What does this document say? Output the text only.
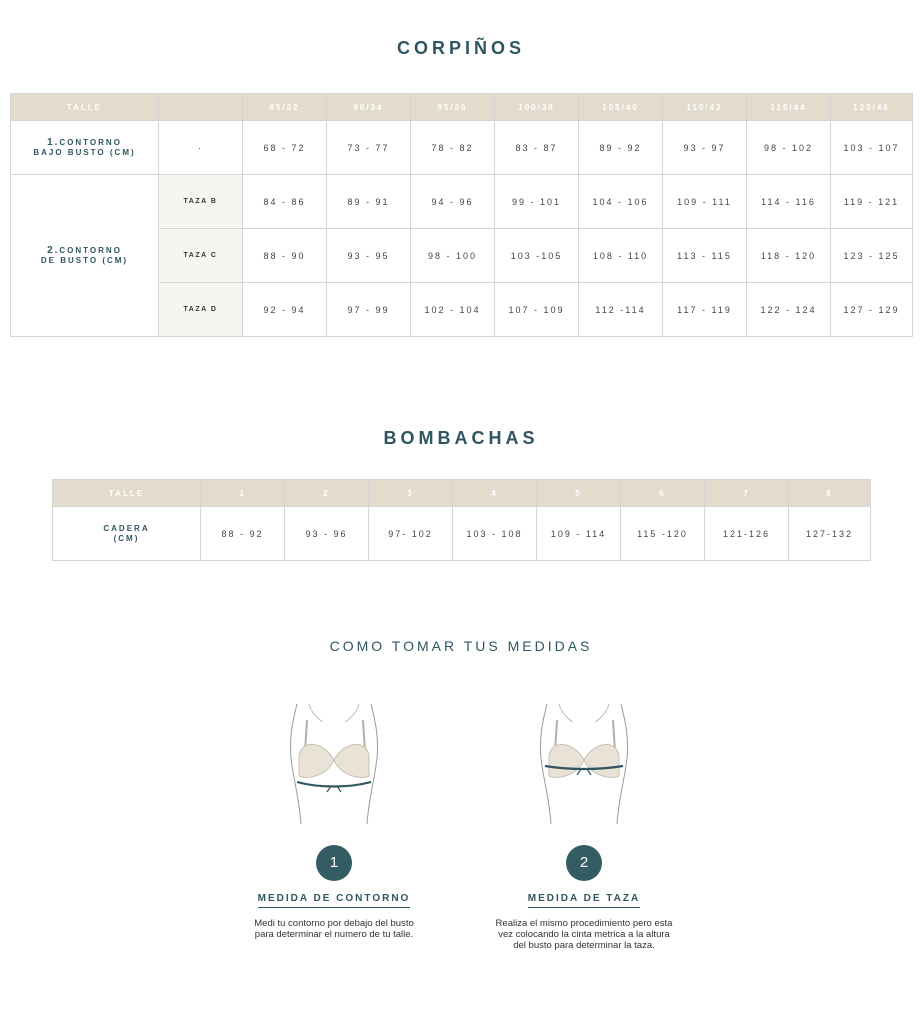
CORPIÑOS
TALLE		85/32	90/34	95/36	100/38	105/40	110/42	115/44	120/46
1.CONTORNO
BAJO BUSTO (CM)	·	68 - 72	73 - 77	78 - 82	83 - 87	89 - 92	93 - 97	98 - 102	103 - 107
2.CONTORNO
DE BUSTO (CM)	TAZA B	84 - 86	89 - 91	94 - 96	99 - 101	104 - 106	109 - 111	114 - 116	119 - 121
	TAZA C	88 - 90	93 - 95	98 - 100	103 -105	108 - 110	113 - 115	118 - 120	123 - 125
	TAZA D	92 - 94	97 - 99	102 - 104	107 - 109	112 -114	117 - 119	122 - 124	127 - 129
BOMBACHAS
TALLE	1	2	3	4	5	6	7	8
CADERA
(CM)	88 - 92	93 - 96	97- 102	103 - 108	109 - 114	115 -120	121-126	127-132
COMO TOMAR TUS MEDIDAS
1
MEDIDA DE CONTORNO
Medi tu contorno por debajo del busto
para determinar el numero de tu talle.
2
MEDIDA DE TAZA
Realiza el mismo procedimiento pero esta
vez colocando la cinta metrica a la altura
del busto para determinar la taza.
